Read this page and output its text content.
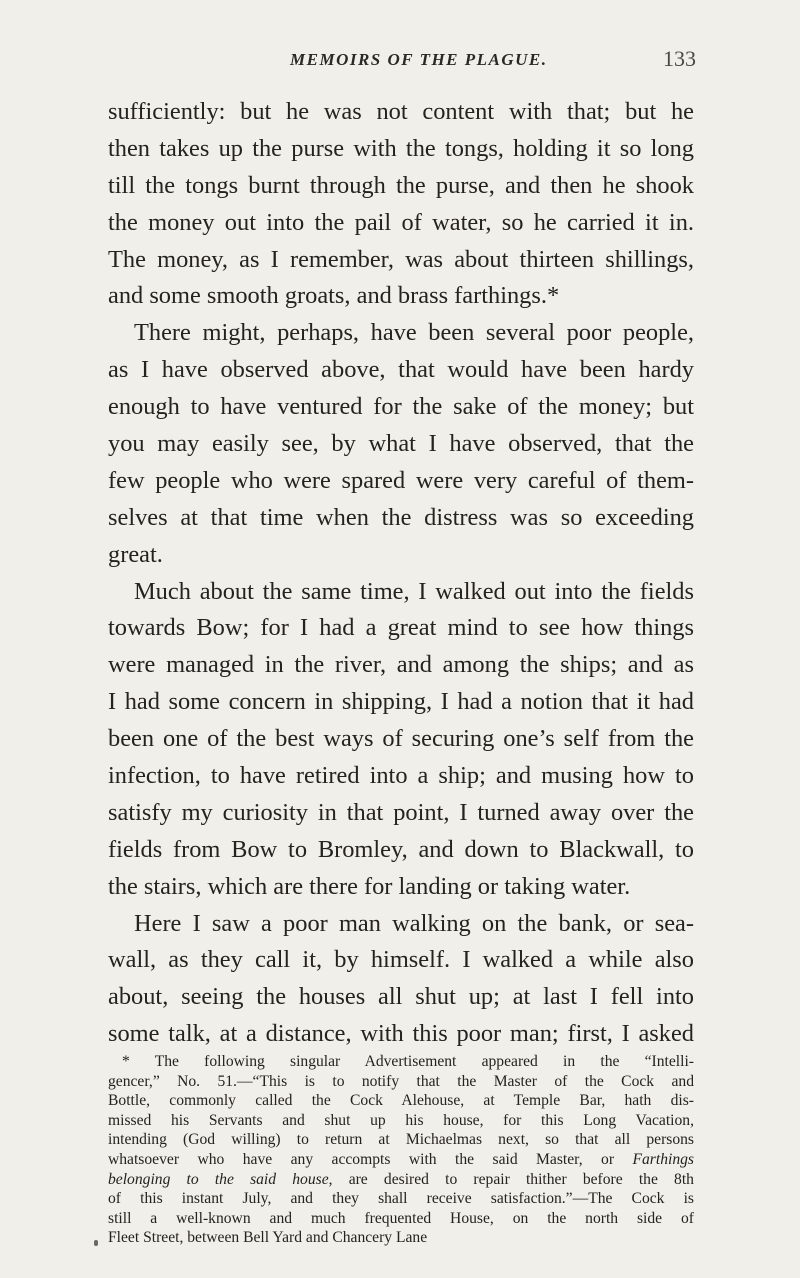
MEMOIRS OF THE PLAGUE.	133
sufficiently: but he was not content with that; but he
then takes up the purse with the tongs, holding it so long
till the tongs burnt through the purse, and then he shook
the money out into the pail of water, so he carried it in.
The money, as I remember, was about thirteen shillings,
and some smooth groats, and brass farthings.*
There might, perhaps, have been several poor people,
as I have observed above, that would have been hardy
enough to have ventured for the sake of the money; but
you may easily see, by what I have observed, that the
few people who were spared were very careful of them-
selves at that time when the distress was so exceeding
great.
Much about the same time, I walked out into the fields
towards Bow; for I had a great mind to see how things
were managed in the river, and among the ships; and as
I had some concern in shipping, I had a notion that it had
been one of the best ways of securing one’s self from the
infection, to have retired into a ship; and musing how to
satisfy my curiosity in that point, I turned away over the
fields from Bow to Bromley, and down to Blackwall, to
the stairs, which are there for landing or taking water.
Here I saw a poor man walking on the bank, or sea-
wall, as they call it, by himself. I walked a while also
about, seeing the houses all shut up; at last I fell into
some talk, at a distance, with this poor man; first, I asked
* The following singular Advertisement appeared in the “Intelli-
gencer,” No. 51.—“This is to notify that the Master of the Cock and
Bottle, commonly called the Cock Alehouse, at Temple Bar, hath dis-
missed his Servants and shut up his house, for this Long Vacation,
intending (God willing) to return at Michaelmas next, so that all persons
whatsoever who have any accompts with the said Master, or Farthings
belonging to the said house, are desired to repair thither before the 8th
of this instant July, and they shall receive satisfaction.”—The Cock is
still a well-known and much frequented House, on the north side of
Fleet Street, between Bell Yard and Chancery Lane
